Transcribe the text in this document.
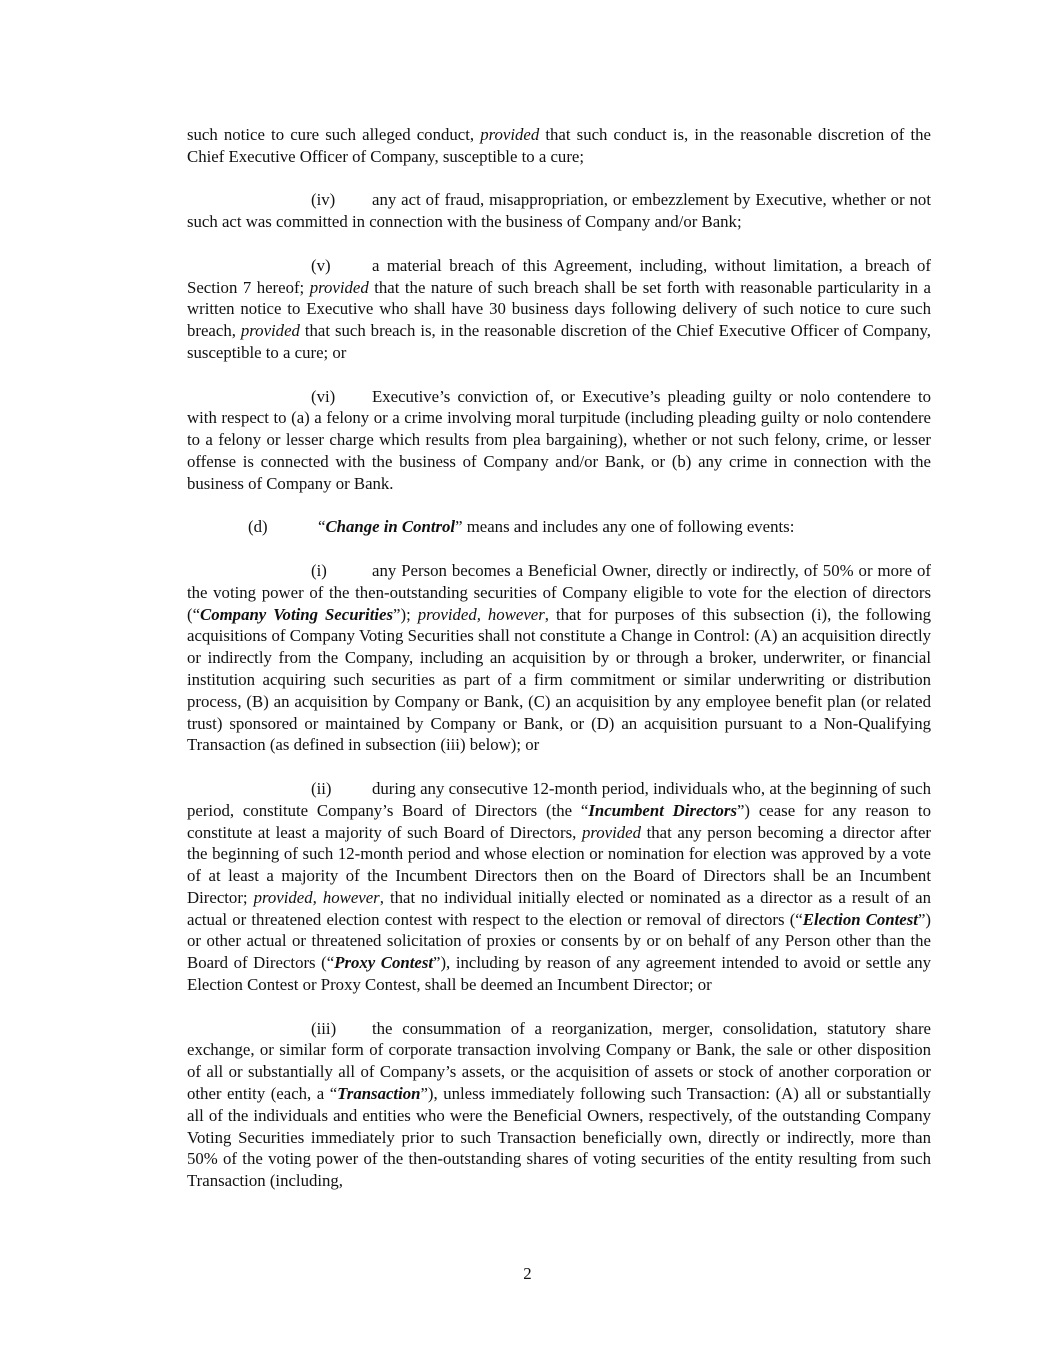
such notice to cure such alleged conduct, provided that such conduct is, in the reasonable discretion of the Chief Executive Officer of Company, susceptible to a cure;

(iv) any act of fraud, misappropriation, or embezzlement by Executive, whether or not such act was committed in connection with the business of Company and/or Bank;

(v) a material breach of this Agreement, including, without limitation, a breach of Section 7 hereof; provided that the nature of such breach shall be set forth with reasonable particularity in a written notice to Executive who shall have 30 business days following delivery of such notice to cure such breach, provided that such breach is, in the reasonable discretion of the Chief Executive Officer of Company, susceptible to a cure; or

(vi) Executive’s conviction of, or Executive’s pleading guilty or nolo contendere to with respect to (a) a felony or a crime involving moral turpitude (including pleading guilty or nolo contendere to a felony or lesser charge which results from plea bargaining), whether or not such felony, crime, or lesser offense is connected with the business of Company and/or Bank, or (b) any crime in connection with the business of Company or Bank.

(d)	“Change in Control” means and includes any one of following events:

(i)	any Person becomes a Beneficial Owner, directly or indirectly, of 50% or more of the voting power of the then-outstanding securities of Company eligible to vote for the election of directors (“Company Voting Securities”); provided, however, that for purposes of this subsection (i), the following acquisitions of Company Voting Securities shall not constitute a Change in Control: (A) an acquisition directly or indirectly from the Company, including an acquisition by or through a broker, underwriter, or financial institution acquiring such securities as part of a firm commitment or similar underwriting or distribution process, (B) an acquisition by Company or Bank, (C) an acquisition by any employee benefit plan (or related trust) sponsored or maintained by Company or Bank, or (D) an acquisition pursuant to a Non-Qualifying Transaction (as defined in subsection (iii) below); or

(ii) during any consecutive 12-month period, individuals who, at the beginning of such period, constitute Company’s Board of Directors (the “Incumbent Directors”) cease for any reason to constitute at least a majority of such Board of Directors, provided that any person becoming a director after the beginning of such 12-month period and whose election or nomination for election was approved by a vote of at least a majority of the Incumbent Directors then on the Board of Directors shall be an Incumbent Director; provided, however, that no individual initially elected or nominated as a director as a result of an actual or threatened election contest with respect to the election or removal of directors (“Election Contest”) or other actual or threatened solicitation of proxies or consents by or on behalf of any Person other than the Board of Directors (“Proxy Contest”), including by reason of any agreement intended to avoid or settle any Election Contest or Proxy Contest, shall be deemed an Incumbent Director; or

(iii) the consummation of a reorganization, merger, consolidation, statutory share exchange, or similar form of corporate transaction involving Company or Bank, the sale or other disposition of all or substantially all of Company’s assets, or the acquisition of assets or stock of another corporation or other entity (each, a “Transaction”), unless immediately following such Transaction: (A) all or substantially all of the individuals and entities who were the Beneficial Owners, respectively, of the outstanding Company Voting Securities immediately prior to such Transaction beneficially own, directly or indirectly, more than 50% of the voting power of the then-outstanding shares of voting securities of the entity resulting from such Transaction (including,

2
